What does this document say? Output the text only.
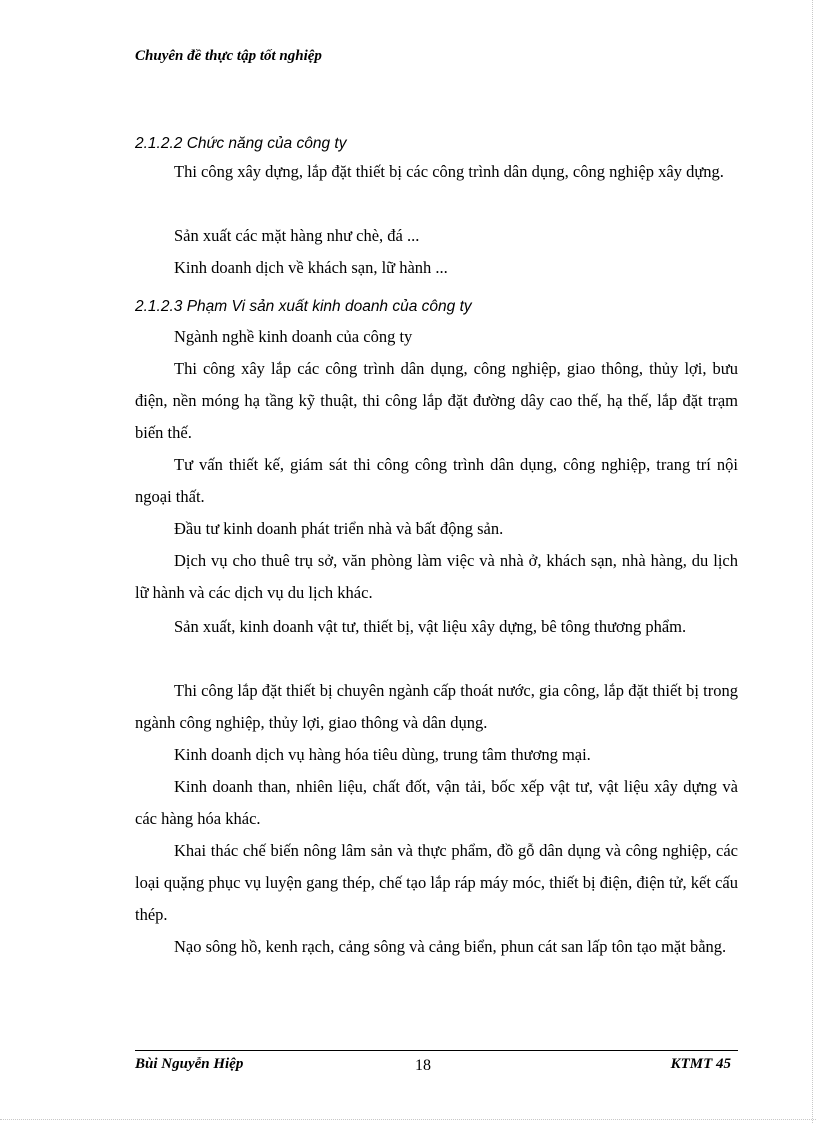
Chuyên đề thực tập tốt nghiệp
2.1.2.2 Chức năng của công ty

Thi công xây dựng, lắp đặt thiết bị các công trình dân dụng, công nghiệp xây dựng.

Sản xuất các mặt hàng như chè, đá ...

Kinh doanh dịch về khách sạn, lữ hành ...

2.1.2.3 Phạm Vi sản xuất kinh doanh của công ty

Ngành nghề kinh doanh của công ty

Thi công xây lắp các công trình dân dụng, công nghiệp, giao thông, thủy lợi, bưu điện, nền móng hạ tầng kỹ thuật, thi công lắp đặt đường dây cao thế, hạ thế, lắp đặt trạm biến thế.

Tư vấn thiết kế, giám sát thi công công trình dân dụng, công nghiệp, trang trí nội ngoại thất.

Đầu tư kinh doanh phát triển nhà và bất động sản.

Dịch vụ cho thuê trụ sở, văn phòng làm việc và nhà ở, khách sạn, nhà hàng, du lịch lữ hành và các dịch vụ du lịch khác.

Sản xuất, kinh doanh vật tư, thiết bị, vật liệu xây dựng, bê tông thương phẩm.

Thi công lắp đặt thiết bị chuyên ngành cấp thoát nước, gia công, lắp đặt thiết bị trong ngành công nghiệp, thủy lợi, giao thông và dân dụng.

Kinh doanh dịch vụ hàng hóa tiêu dùng, trung tâm thương mại.

Kinh doanh than, nhiên liệu, chất đốt, vận tải, bốc xếp vật tư, vật liệu xây dựng và các hàng hóa khác.

Khai thác chế biến nông lâm sản và thực phẩm, đồ gỗ dân dụng và công nghiệp, các loại quặng phục vụ luyện gang thép, chế tạo lắp ráp máy móc, thiết bị điện, điện tử, kết cấu thép.

Nạo sông hồ, kenh rạch, cảng sông và cảng biển, phun cát san lấp tôn tạo mặt bằng.

Bùi Nguyễn Hiệp	18	KTMT 45
